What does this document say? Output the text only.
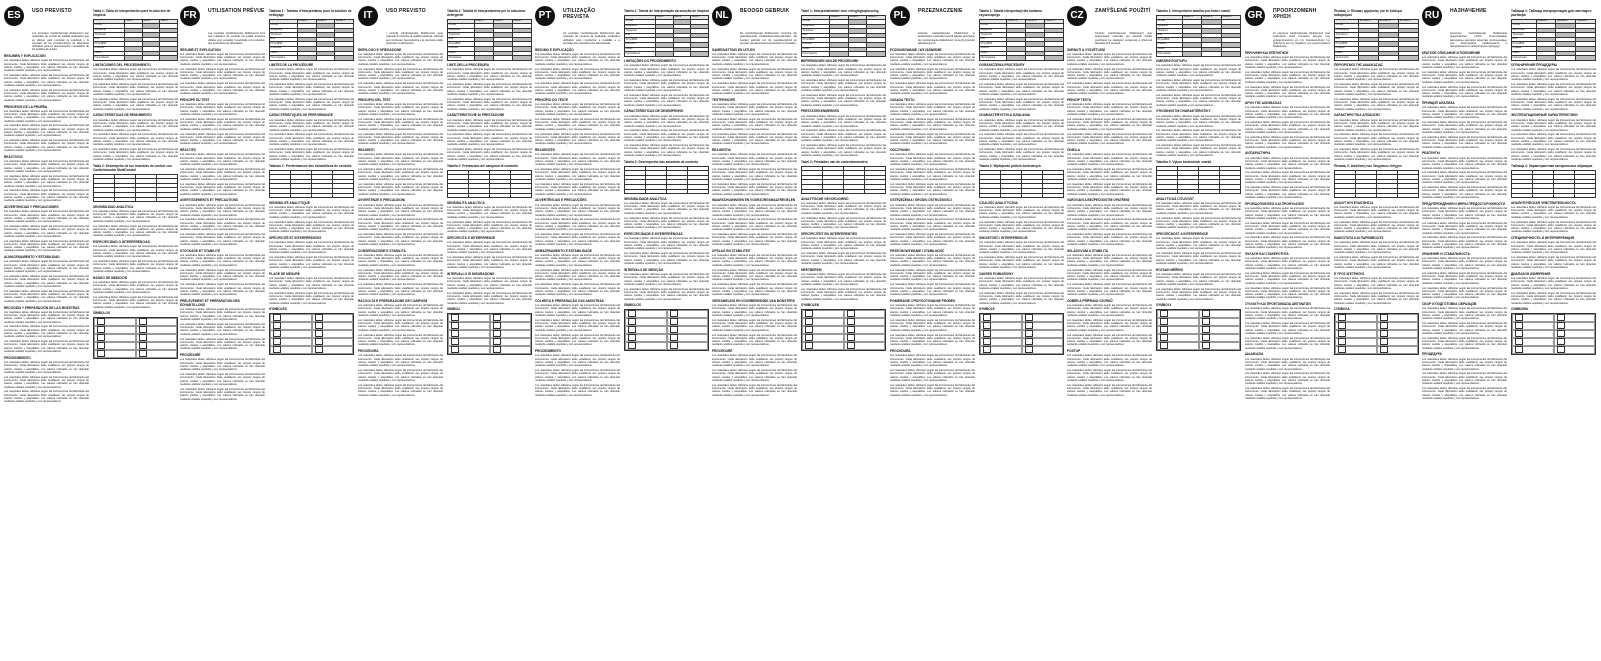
ES	USO PREVISTO

Los Controles CardioVascular MultiControl son materiales de control de calidad analizados que se utilizan para controlar la exactitud y la precisión de los procedimientos de laboratorio utilizados para la determinación cuantitativa de los analitos de la lista.

RESUMEN Y EXPLICACIÓN

Los materiales deben utilizarse según las instrucciones del fabricante del instrumento. Cada laboratorio debe establecer sus propios rangos de valores medios y aceptables. Los valores indicados se han obtenido mediante análisis repetidos y son representativos.

Los materiales deben utilizarse según las instrucciones del fabricante del instrumento. Cada laboratorio debe establecer sus propios rangos de valores medios y aceptables. Los valores indicados se han obtenido mediante análisis repetidos y son representativos.

Los materiales deben utilizarse según las instrucciones del fabricante del instrumento. Cada laboratorio debe establecer sus propios rangos de valores medios y aceptables. Los valores indicados se han obtenido mediante análisis repetidos y son representativos.

PRINCIPIOS DE LA PRUEBA

Los materiales deben utilizarse según las instrucciones del fabricante del instrumento. Cada laboratorio debe establecer sus propios rangos de valores medios y aceptables. Los valores indicados se han obtenido mediante análisis repetidos y son representativos.

Los materiales deben utilizarse según las instrucciones del fabricante del instrumento. Cada laboratorio debe establecer sus propios rangos de valores medios y aceptables. Los valores indicados se han obtenido mediante análisis repetidos y son representativos.

Los materiales deben utilizarse según las instrucciones del fabricante del instrumento. Cada laboratorio debe establecer sus propios rangos de valores medios y aceptables. Los valores indicados se han obtenido mediante análisis repetidos y son representativos.

REACTIVOS

Los materiales deben utilizarse según las instrucciones del fabricante del instrumento. Cada laboratorio debe establecer sus propios rangos de valores medios y aceptables. Los valores indicados se han obtenido mediante análisis repetidos y son representativos.

Los materiales deben utilizarse según las instrucciones del fabricante del instrumento. Cada laboratorio debe establecer sus propios rangos de valores medios y aceptables. Los valores indicados se han obtenido mediante análisis repetidos y son representativos.

Los materiales deben utilizarse según las instrucciones del fabricante del instrumento. Cada laboratorio debe establecer sus propios rangos de valores medios y aceptables. Los valores indicados se han obtenido mediante análisis repetidos y son representativos.

ADVERTENCIAS Y PRECAUCIONES

Los materiales deben utilizarse según las instrucciones del fabricante del instrumento. Cada laboratorio debe establecer sus propios rangos de valores medios y aceptables. Los valores indicados se han obtenido mediante análisis repetidos y son representativos.

Los materiales deben utilizarse según las instrucciones del fabricante del instrumento. Cada laboratorio debe establecer sus propios rangos de valores medios y aceptables. Los valores indicados se han obtenido mediante análisis repetidos y son representativos.

Los materiales deben utilizarse según las instrucciones del fabricante del instrumento. Cada laboratorio debe establecer sus propios rangos de valores medios y aceptables. Los valores indicados se han obtenido mediante análisis repetidos y son representativos.

ALMACENAMIENTO Y ESTABILIDAD

Los materiales deben utilizarse según las instrucciones del fabricante del instrumento. Cada laboratorio debe establecer sus propios rangos de valores medios y aceptables. Los valores indicados se han obtenido mediante análisis repetidos y son representativos.

Los materiales deben utilizarse según las instrucciones del fabricante del instrumento. Cada laboratorio debe establecer sus propios rangos de valores medios y aceptables. Los valores indicados se han obtenido mediante análisis repetidos y son representativos.

Los materiales deben utilizarse según las instrucciones del fabricante del instrumento. Cada laboratorio debe establecer sus propios rangos de valores medios y aceptables. Los valores indicados se han obtenido mediante análisis repetidos y son representativos.

RECOGIDA Y PREPARACIÓN DE LAS MUESTRAS

Los materiales deben utilizarse según las instrucciones del fabricante del instrumento. Cada laboratorio debe establecer sus propios rangos de valores medios y aceptables. Los valores indicados se han obtenido mediante análisis repetidos y son representativos.

Los materiales deben utilizarse según las instrucciones del fabricante del instrumento. Cada laboratorio debe establecer sus propios rangos de valores medios y aceptables. Los valores indicados se han obtenido mediante análisis repetidos y son representativos.

Los materiales deben utilizarse según las instrucciones del fabricante del instrumento. Cada laboratorio debe establecer sus propios rangos de valores medios y aceptables. Los valores indicados se han obtenido mediante análisis repetidos y son representativos.

PROCEDIMIENTO

Los materiales deben utilizarse según las instrucciones del fabricante del instrumento. Cada laboratorio debe establecer sus propios rangos de valores medios y aceptables. Los valores indicados se han obtenido mediante análisis repetidos y son representativos.

Los materiales deben utilizarse según las instrucciones del fabricante del instrumento. Cada laboratorio debe establecer sus propios rangos de valores medios y aceptables. Los valores indicados se han obtenido mediante análisis repetidos y son representativos.

Los materiales deben utilizarse según las instrucciones del fabricante del instrumento. Cada laboratorio debe establecer sus propios rangos de valores medios y aceptables. Los valores indicados se han obtenido mediante análisis repetidos y son representativos.

Tabla 1: Tabla de interpretación para la solución de limpieza
	Nivel 1	Nivel 2	Nivel 3
CK-MB			
Mioglobina			
Troponina I			
BNP			
NT-proBNP			
D-dímero			
hsCRP			
Homocisteína			
LIMITACIONES DEL PROCEDIMIENTO

Los materiales deben utilizarse según las instrucciones del fabricante del instrumento. Cada laboratorio debe establecer sus propios rangos de valores medios y aceptables. Los valores indicados se han obtenido mediante análisis repetidos y son representativos.

Los materiales deben utilizarse según las instrucciones del fabricante del instrumento. Cada laboratorio debe establecer sus propios rangos de valores medios y aceptables. Los valores indicados se han obtenido mediante análisis repetidos y son representativos.

Los materiales deben utilizarse según las instrucciones del fabricante del instrumento. Cada laboratorio debe establecer sus propios rangos de valores medios y aceptables. Los valores indicados se han obtenido mediante análisis repetidos y son representativos.

CARACTERÍSTICAS DE RENDIMIENTO

Los materiales deben utilizarse según las instrucciones del fabricante del instrumento. Cada laboratorio debe establecer sus propios rangos de valores medios y aceptables. Los valores indicados se han obtenido mediante análisis repetidos y son representativos.

Los materiales deben utilizarse según las instrucciones del fabricante del instrumento. Cada laboratorio debe establecer sus propios rangos de valores medios y aceptables. Los valores indicados se han obtenido mediante análisis repetidos y son representativos.

Los materiales deben utilizarse según las instrucciones del fabricante del instrumento. Cada laboratorio debe establecer sus propios rangos de valores medios y aceptables. Los valores indicados se han obtenido mediante análisis repetidos y son representativos.

Tabla 2: Desempeño de los muestras de control con CardioVascular MultiControl

SENSIBILIDAD ANALÍTICA

Los materiales deben utilizarse según las instrucciones del fabricante del instrumento. Cada laboratorio debe establecer sus propios rangos de valores medios y aceptables. Los valores indicados se han obtenido mediante análisis repetidos y son representativos.

Los materiales deben utilizarse según las instrucciones del fabricante del instrumento. Cada laboratorio debe establecer sus propios rangos de valores medios y aceptables. Los valores indicados se han obtenido mediante análisis repetidos y son representativos.

ESPECIFICIDAD O INTERFERENCIAS

Los materiales deben utilizarse según las instrucciones del fabricante del instrumento. Cada laboratorio debe establecer sus propios rangos de valores medios y aceptables. Los valores indicados se han obtenido mediante análisis repetidos y son representativos.

Los materiales deben utilizarse según las instrucciones del fabricante del instrumento. Cada laboratorio debe establecer sus propios rangos de valores medios y aceptables. Los valores indicados se han obtenido mediante análisis repetidos y son representativos.

RANGO DE MEDICIÓN

Los materiales deben utilizarse según las instrucciones del fabricante del instrumento. Cada laboratorio debe establecer sus propios rangos de valores medios y aceptables. Los valores indicados se han obtenido mediante análisis repetidos y son representativos.

Los materiales deben utilizarse según las instrucciones del fabricante del instrumento. Cada laboratorio debe establecer sus propios rangos de valores medios y aceptables. Los valores indicados se han obtenido mediante análisis repetidos y son representativos.

SÍMBOLOS
FR	UTILISATION PRÉVUE

Les contrôles CardioVascular MultiControl sont des matériaux de contrôle de qualité analysés utilisés pour surveiller l'exactitude et la précision des procédures de laboratoire.

RÉSUMÉ ET EXPLICATION

Los materiales deben utilizarse según las instrucciones del fabricante del instrumento. Cada laboratorio debe establecer sus propios rangos de valores medios y aceptables. Los valores indicados se han obtenido mediante análisis repetidos y son representativos.

Los materiales deben utilizarse según las instrucciones del fabricante del instrumento. Cada laboratorio debe establecer sus propios rangos de valores medios y aceptables. Los valores indicados se han obtenido mediante análisis repetidos y son representativos.

Los materiales deben utilizarse según las instrucciones del fabricante del instrumento. Cada laboratorio debe establecer sus propios rangos de valores medios y aceptables. Los valores indicados se han obtenido mediante análisis repetidos y son representativos.

PRINCIPE DU TEST

Los materiales deben utilizarse según las instrucciones del fabricante del instrumento. Cada laboratorio debe establecer sus propios rangos de valores medios y aceptables. Los valores indicados se han obtenido mediante análisis repetidos y son representativos.

Los materiales deben utilizarse según las instrucciones del fabricante del instrumento. Cada laboratorio debe establecer sus propios rangos de valores medios y aceptables. Los valores indicados se han obtenido mediante análisis repetidos y son representativos.

Los materiales deben utilizarse según las instrucciones del fabricante del instrumento. Cada laboratorio debe establecer sus propios rangos de valores medios y aceptables. Los valores indicados se han obtenido mediante análisis repetidos y son representativos.

RÉACTIFS

Los materiales deben utilizarse según las instrucciones del fabricante del instrumento. Cada laboratorio debe establecer sus propios rangos de valores medios y aceptables. Los valores indicados se han obtenido mediante análisis repetidos y son representativos.

Los materiales deben utilizarse según las instrucciones del fabricante del instrumento. Cada laboratorio debe establecer sus propios rangos de valores medios y aceptables. Los valores indicados se han obtenido mediante análisis repetidos y son representativos.

Los materiales deben utilizarse según las instrucciones del fabricante del instrumento. Cada laboratorio debe establecer sus propios rangos de valores medios y aceptables. Los valores indicados se han obtenido mediante análisis repetidos y son representativos.

AVERTISSEMENTS ET PRÉCAUTIONS

Los materiales deben utilizarse según las instrucciones del fabricante del instrumento. Cada laboratorio debe establecer sus propios rangos de valores medios y aceptables. Los valores indicados se han obtenido mediante análisis repetidos y son representativos.

Los materiales deben utilizarse según las instrucciones del fabricante del instrumento. Cada laboratorio debe establecer sus propios rangos de valores medios y aceptables. Los valores indicados se han obtenido mediante análisis repetidos y son representativos.

Los materiales deben utilizarse según las instrucciones del fabricante del instrumento. Cada laboratorio debe establecer sus propios rangos de valores medios y aceptables. Los valores indicados se han obtenido mediante análisis repetidos y son representativos.

STOCKAGE ET STABILITÉ

Los materiales deben utilizarse según las instrucciones del fabricante del instrumento. Cada laboratorio debe establecer sus propios rangos de valores medios y aceptables. Los valores indicados se han obtenido mediante análisis repetidos y son representativos.

Los materiales deben utilizarse según las instrucciones del fabricante del instrumento. Cada laboratorio debe establecer sus propios rangos de valores medios y aceptables. Los valores indicados se han obtenido mediante análisis repetidos y son representativos.

Los materiales deben utilizarse según las instrucciones del fabricante del instrumento. Cada laboratorio debe establecer sus propios rangos de valores medios y aceptables. Los valores indicados se han obtenido mediante análisis repetidos y son representativos.

PRÉLÈVEMENT ET PRÉPARATION DES ÉCHANTILLONS

Los materiales deben utilizarse según las instrucciones del fabricante del instrumento. Cada laboratorio debe establecer sus propios rangos de valores medios y aceptables. Los valores indicados se han obtenido mediante análisis repetidos y son representativos.

Los materiales deben utilizarse según las instrucciones del fabricante del instrumento. Cada laboratorio debe establecer sus propios rangos de valores medios y aceptables. Los valores indicados se han obtenido mediante análisis repetidos y son representativos.

Los materiales deben utilizarse según las instrucciones del fabricante del instrumento. Cada laboratorio debe establecer sus propios rangos de valores medios y aceptables. Los valores indicados se han obtenido mediante análisis repetidos y son representativos.

PROCÉDURE

Los materiales deben utilizarse según las instrucciones del fabricante del instrumento. Cada laboratorio debe establecer sus propios rangos de valores medios y aceptables. Los valores indicados se han obtenido mediante análisis repetidos y son representativos.

Los materiales deben utilizarse según las instrucciones del fabricante del instrumento. Cada laboratorio debe establecer sus propios rangos de valores medios y aceptables. Los valores indicados se han obtenido mediante análisis repetidos y son representativos.

Los materiales deben utilizarse según las instrucciones del fabricante del instrumento. Cada laboratorio debe establecer sus propios rangos de valores medios y aceptables. Los valores indicados se han obtenido mediante análisis repetidos y son representativos.

Tableau 1 : Tableau d'interprétation pour la solution de nettoyage
	Niveau 1	Niveau 2	Niveau 3
CK-MB			
Myoglobine			
Troponine I			
BNP			
NT-proBNP			
D-dimères			
hsCRP			
Homocystéine			
LIMITES DE LA PROCÉDURE

Los materiales deben utilizarse según las instrucciones del fabricante del instrumento. Cada laboratorio debe establecer sus propios rangos de valores medios y aceptables. Los valores indicados se han obtenido mediante análisis repetidos y son representativos.

Los materiales deben utilizarse según las instrucciones del fabricante del instrumento. Cada laboratorio debe establecer sus propios rangos de valores medios y aceptables. Los valores indicados se han obtenido mediante análisis repetidos y son representativos.

Los materiales deben utilizarse según las instrucciones del fabricante del instrumento. Cada laboratorio debe establecer sus propios rangos de valores medios y aceptables. Los valores indicados se han obtenido mediante análisis repetidos y son representativos.

CARACTÉRISTIQUES DE PERFORMANCE

Los materiales deben utilizarse según las instrucciones del fabricante del instrumento. Cada laboratorio debe establecer sus propios rangos de valores medios y aceptables. Los valores indicados se han obtenido mediante análisis repetidos y son representativos.

Los materiales deben utilizarse según las instrucciones del fabricante del instrumento. Cada laboratorio debe establecer sus propios rangos de valores medios y aceptables. Los valores indicados se han obtenido mediante análisis repetidos y son representativos.

Los materiales deben utilizarse según las instrucciones del fabricante del instrumento. Cada laboratorio debe establecer sus propios rangos de valores medios y aceptables. Los valores indicados se han obtenido mediante análisis repetidos y son representativos.

Tableau 2 : Performances des échantillons de contrôle

SENSIBILITÉ ANALYTIQUE

Los materiales deben utilizarse según las instrucciones del fabricante del instrumento. Cada laboratorio debe establecer sus propios rangos de valores medios y aceptables. Los valores indicados se han obtenido mediante análisis repetidos y son representativos.

Los materiales deben utilizarse según las instrucciones del fabricante del instrumento. Cada laboratorio debe establecer sus propios rangos de valores medios y aceptables. Los valores indicados se han obtenido mediante análisis repetidos y son representativos.

SPÉCIFICITÉ ET INTERFÉRENCES

Los materiales deben utilizarse según las instrucciones del fabricante del instrumento. Cada laboratorio debe establecer sus propios rangos de valores medios y aceptables. Los valores indicados se han obtenido mediante análisis repetidos y son representativos.

Los materiales deben utilizarse según las instrucciones del fabricante del instrumento. Cada laboratorio debe establecer sus propios rangos de valores medios y aceptables. Los valores indicados se han obtenido mediante análisis repetidos y son representativos.

PLAGE DE MESURE

Los materiales deben utilizarse según las instrucciones del fabricante del instrumento. Cada laboratorio debe establecer sus propios rangos de valores medios y aceptables. Los valores indicados se han obtenido mediante análisis repetidos y son representativos.

Los materiales deben utilizarse según las instrucciones del fabricante del instrumento. Cada laboratorio debe establecer sus propios rangos de valores medios y aceptables. Los valores indicados se han obtenido mediante análisis repetidos y son representativos.

SYMBOLES
IT	USO PREVISTO

I controlli CardioVascular MultiControl sono materiali di controllo di qualità analizzati, utilizzati per monitorare l'accuratezza e la precisione delle procedure di laboratorio.

RIEPILOGO E SPIEGAZIONE

Los materiales deben utilizarse según las instrucciones del fabricante del instrumento. Cada laboratorio debe establecer sus propios rangos de valores medios y aceptables. Los valores indicados se han obtenido mediante análisis repetidos y son representativos.

Los materiales deben utilizarse según las instrucciones del fabricante del instrumento. Cada laboratorio debe establecer sus propios rangos de valores medios y aceptables. Los valores indicados se han obtenido mediante análisis repetidos y son representativos.

Los materiales deben utilizarse según las instrucciones del fabricante del instrumento. Cada laboratorio debe establecer sus propios rangos de valores medios y aceptables. Los valores indicados se han obtenido mediante análisis repetidos y son representativos.

PRINCIPIO DEL TEST

Los materiales deben utilizarse según las instrucciones del fabricante del instrumento. Cada laboratorio debe establecer sus propios rangos de valores medios y aceptables. Los valores indicados se han obtenido mediante análisis repetidos y son representativos.

Los materiales deben utilizarse según las instrucciones del fabricante del instrumento. Cada laboratorio debe establecer sus propios rangos de valores medios y aceptables. Los valores indicados se han obtenido mediante análisis repetidos y son representativos.

Los materiales deben utilizarse según las instrucciones del fabricante del instrumento. Cada laboratorio debe establecer sus propios rangos de valores medios y aceptables. Los valores indicados se han obtenido mediante análisis repetidos y son representativos.

REAGENTI

Los materiales deben utilizarse según las instrucciones del fabricante del instrumento. Cada laboratorio debe establecer sus propios rangos de valores medios y aceptables. Los valores indicados se han obtenido mediante análisis repetidos y son representativos.

Los materiales deben utilizarse según las instrucciones del fabricante del instrumento. Cada laboratorio debe establecer sus propios rangos de valores medios y aceptables. Los valores indicados se han obtenido mediante análisis repetidos y son representativos.

Los materiales deben utilizarse según las instrucciones del fabricante del instrumento. Cada laboratorio debe establecer sus propios rangos de valores medios y aceptables. Los valores indicados se han obtenido mediante análisis repetidos y son representativos.

AVVERTENZE E PRECAUZIONI

Los materiales deben utilizarse según las instrucciones del fabricante del instrumento. Cada laboratorio debe establecer sus propios rangos de valores medios y aceptables. Los valores indicados se han obtenido mediante análisis repetidos y son representativos.

Los materiales deben utilizarse según las instrucciones del fabricante del instrumento. Cada laboratorio debe establecer sus propios rangos de valores medios y aceptables. Los valores indicados se han obtenido mediante análisis repetidos y son representativos.

Los materiales deben utilizarse según las instrucciones del fabricante del instrumento. Cada laboratorio debe establecer sus propios rangos de valores medios y aceptables. Los valores indicados se han obtenido mediante análisis repetidos y son representativos.

CONSERVAZIONE E STABILITÀ

Los materiales deben utilizarse según las instrucciones del fabricante del instrumento. Cada laboratorio debe establecer sus propios rangos de valores medios y aceptables. Los valores indicados se han obtenido mediante análisis repetidos y son representativos.

Los materiales deben utilizarse según las instrucciones del fabricante del instrumento. Cada laboratorio debe establecer sus propios rangos de valores medios y aceptables. Los valores indicados se han obtenido mediante análisis repetidos y son representativos.

Los materiales deben utilizarse según las instrucciones del fabricante del instrumento. Cada laboratorio debe establecer sus propios rangos de valores medios y aceptables. Los valores indicados se han obtenido mediante análisis repetidos y son representativos.

RACCOLTA E PREPARAZIONE DEI CAMPIONI

Los materiales deben utilizarse según las instrucciones del fabricante del instrumento. Cada laboratorio debe establecer sus propios rangos de valores medios y aceptables. Los valores indicados se han obtenido mediante análisis repetidos y son representativos.

Los materiales deben utilizarse según las instrucciones del fabricante del instrumento. Cada laboratorio debe establecer sus propios rangos de valores medios y aceptables. Los valores indicados se han obtenido mediante análisis repetidos y son representativos.

Los materiales deben utilizarse según las instrucciones del fabricante del instrumento. Cada laboratorio debe establecer sus propios rangos de valores medios y aceptables. Los valores indicados se han obtenido mediante análisis repetidos y son representativos.

PROCEDURA

Los materiales deben utilizarse según las instrucciones del fabricante del instrumento. Cada laboratorio debe establecer sus propios rangos de valores medios y aceptables. Los valores indicados se han obtenido mediante análisis repetidos y son representativos.

Los materiales deben utilizarse según las instrucciones del fabricante del instrumento. Cada laboratorio debe establecer sus propios rangos de valores medios y aceptables. Los valores indicados se han obtenido mediante análisis repetidos y son representativos.

Los materiales deben utilizarse según las instrucciones del fabricante del instrumento. Cada laboratorio debe establecer sus propios rangos de valores medios y aceptables. Los valores indicados se han obtenido mediante análisis repetidos y son representativos.

Tabella 1: Tabella di interpretazione per la soluzione detergente
	Livello 1	Livello 2	Livello 3
CK-MB			
Mioglobina			
Troponina I			
BNP			
NT-proBNP			
D-dimero			
hsCRP			
Omocisteina			
LIMITI DELLA PROCEDURA

Los materiales deben utilizarse según las instrucciones del fabricante del instrumento. Cada laboratorio debe establecer sus propios rangos de valores medios y aceptables. Los valores indicados se han obtenido mediante análisis repetidos y son representativos.

Los materiales deben utilizarse según las instrucciones del fabricante del instrumento. Cada laboratorio debe establecer sus propios rangos de valores medios y aceptables. Los valores indicados se han obtenido mediante análisis repetidos y son representativos.

Los materiales deben utilizarse según las instrucciones del fabricante del instrumento. Cada laboratorio debe establecer sus propios rangos de valores medios y aceptables. Los valores indicados se han obtenido mediante análisis repetidos y son representativos.

CARATTERISTICHE DI PRESTAZIONE

Los materiales deben utilizarse según las instrucciones del fabricante del instrumento. Cada laboratorio debe establecer sus propios rangos de valores medios y aceptables. Los valores indicados se han obtenido mediante análisis repetidos y son representativos.

Los materiales deben utilizarse según las instrucciones del fabricante del instrumento. Cada laboratorio debe establecer sus propios rangos de valores medios y aceptables. Los valores indicados se han obtenido mediante análisis repetidos y son representativos.

Los materiales deben utilizarse según las instrucciones del fabricante del instrumento. Cada laboratorio debe establecer sus propios rangos de valores medios y aceptables. Los valores indicados se han obtenido mediante análisis repetidos y son representativos.

Tabella 2: Prestazioni dei campioni di controllo

SENSIBILITÀ ANALITICA

Los materiales deben utilizarse según las instrucciones del fabricante del instrumento. Cada laboratorio debe establecer sus propios rangos de valores medios y aceptables. Los valores indicados se han obtenido mediante análisis repetidos y son representativos.

Los materiales deben utilizarse según las instrucciones del fabricante del instrumento. Cada laboratorio debe establecer sus propios rangos de valores medios y aceptables. Los valores indicados se han obtenido mediante análisis repetidos y son representativos.

SPECIFICITÀ E INTERFERENZE

Los materiales deben utilizarse según las instrucciones del fabricante del instrumento. Cada laboratorio debe establecer sus propios rangos de valores medios y aceptables. Los valores indicados se han obtenido mediante análisis repetidos y son representativos.

Los materiales deben utilizarse según las instrucciones del fabricante del instrumento. Cada laboratorio debe establecer sus propios rangos de valores medios y aceptables. Los valores indicados se han obtenido mediante análisis repetidos y son representativos.

INTERVALLO DI MISURAZIONE

Los materiales deben utilizarse según las instrucciones del fabricante del instrumento. Cada laboratorio debe establecer sus propios rangos de valores medios y aceptables. Los valores indicados se han obtenido mediante análisis repetidos y son representativos.

Los materiales deben utilizarse según las instrucciones del fabricante del instrumento. Cada laboratorio debe establecer sus propios rangos de valores medios y aceptables. Los valores indicados se han obtenido mediante análisis repetidos y son representativos.

SIMBOLI
PT	UTILIZAÇÃO PREVISTA

Os controlos CardioVascular MultiControl são materiais de controlo de qualidade analisados utilizados para monitorizar a exatidão e a precisão dos procedimentos laboratoriais.

RESUMO E EXPLICAÇÃO

Los materiales deben utilizarse según las instrucciones del fabricante del instrumento. Cada laboratorio debe establecer sus propios rangos de valores medios y aceptables. Los valores indicados se han obtenido mediante análisis repetidos y son representativos.

Los materiales deben utilizarse según las instrucciones del fabricante del instrumento. Cada laboratorio debe establecer sus propios rangos de valores medios y aceptables. Los valores indicados se han obtenido mediante análisis repetidos y son representativos.

Los materiales deben utilizarse según las instrucciones del fabricante del instrumento. Cada laboratorio debe establecer sus propios rangos de valores medios y aceptables. Los valores indicados se han obtenido mediante análisis repetidos y son representativos.

PRINCÍPIO DO TESTE

Los materiales deben utilizarse según las instrucciones del fabricante del instrumento. Cada laboratorio debe establecer sus propios rangos de valores medios y aceptables. Los valores indicados se han obtenido mediante análisis repetidos y son representativos.

Los materiales deben utilizarse según las instrucciones del fabricante del instrumento. Cada laboratorio debe establecer sus propios rangos de valores medios y aceptables. Los valores indicados se han obtenido mediante análisis repetidos y son representativos.

Los materiales deben utilizarse según las instrucciones del fabricante del instrumento. Cada laboratorio debe establecer sus propios rangos de valores medios y aceptables. Los valores indicados se han obtenido mediante análisis repetidos y son representativos.

REAGENTES

Los materiales deben utilizarse según las instrucciones del fabricante del instrumento. Cada laboratorio debe establecer sus propios rangos de valores medios y aceptables. Los valores indicados se han obtenido mediante análisis repetidos y son representativos.

Los materiales deben utilizarse según las instrucciones del fabricante del instrumento. Cada laboratorio debe establecer sus propios rangos de valores medios y aceptables. Los valores indicados se han obtenido mediante análisis repetidos y son representativos.

Los materiales deben utilizarse según las instrucciones del fabricante del instrumento. Cada laboratorio debe establecer sus propios rangos de valores medios y aceptables. Los valores indicados se han obtenido mediante análisis repetidos y son representativos.

ADVERTÊNCIAS E PRECAUÇÕES

Los materiales deben utilizarse según las instrucciones del fabricante del instrumento. Cada laboratorio debe establecer sus propios rangos de valores medios y aceptables. Los valores indicados se han obtenido mediante análisis repetidos y son representativos.

Los materiales deben utilizarse según las instrucciones del fabricante del instrumento. Cada laboratorio debe establecer sus propios rangos de valores medios y aceptables. Los valores indicados se han obtenido mediante análisis repetidos y son representativos.

Los materiales deben utilizarse según las instrucciones del fabricante del instrumento. Cada laboratorio debe establecer sus propios rangos de valores medios y aceptables. Los valores indicados se han obtenido mediante análisis repetidos y son representativos.

ARMAZENAMENTO E ESTABILIDADE

Los materiales deben utilizarse según las instrucciones del fabricante del instrumento. Cada laboratorio debe establecer sus propios rangos de valores medios y aceptables. Los valores indicados se han obtenido mediante análisis repetidos y son representativos.

Los materiales deben utilizarse según las instrucciones del fabricante del instrumento. Cada laboratorio debe establecer sus propios rangos de valores medios y aceptables. Los valores indicados se han obtenido mediante análisis repetidos y son representativos.

Los materiales deben utilizarse según las instrucciones del fabricante del instrumento. Cada laboratorio debe establecer sus propios rangos de valores medios y aceptables. Los valores indicados se han obtenido mediante análisis repetidos y son representativos.

COLHEITA E PREPARAÇÃO DAS AMOSTRAS

Los materiales deben utilizarse según las instrucciones del fabricante del instrumento. Cada laboratorio debe establecer sus propios rangos de valores medios y aceptables. Los valores indicados se han obtenido mediante análisis repetidos y son representativos.

Los materiales deben utilizarse según las instrucciones del fabricante del instrumento. Cada laboratorio debe establecer sus propios rangos de valores medios y aceptables. Los valores indicados se han obtenido mediante análisis repetidos y son representativos.

Los materiales deben utilizarse según las instrucciones del fabricante del instrumento. Cada laboratorio debe establecer sus propios rangos de valores medios y aceptables. Los valores indicados se han obtenido mediante análisis repetidos y son representativos.

PROCEDIMENTO

Los materiales deben utilizarse según las instrucciones del fabricante del instrumento. Cada laboratorio debe establecer sus propios rangos de valores medios y aceptables. Los valores indicados se han obtenido mediante análisis repetidos y son representativos.

Los materiales deben utilizarse según las instrucciones del fabricante del instrumento. Cada laboratorio debe establecer sus propios rangos de valores medios y aceptables. Los valores indicados se han obtenido mediante análisis repetidos y son representativos.

Los materiales deben utilizarse según las instrucciones del fabricante del instrumento. Cada laboratorio debe establecer sus propios rangos de valores medios y aceptables. Los valores indicados se han obtenido mediante análisis repetidos y son representativos.

Tabela 1: Tabela de interpretação da solução de limpeza
	Nível 1	Nível 2	Nível 3
CK-MB			
Mioglobina			
Troponina I			
BNP			
NT-proBNP			
Dímero D			
hsCRP			
Homocisteína			
LIMITAÇÕES DO PROCEDIMENTO

Los materiales deben utilizarse según las instrucciones del fabricante del instrumento. Cada laboratorio debe establecer sus propios rangos de valores medios y aceptables. Los valores indicados se han obtenido mediante análisis repetidos y son representativos.

Los materiales deben utilizarse según las instrucciones del fabricante del instrumento. Cada laboratorio debe establecer sus propios rangos de valores medios y aceptables. Los valores indicados se han obtenido mediante análisis repetidos y son representativos.

Los materiales deben utilizarse según las instrucciones del fabricante del instrumento. Cada laboratorio debe establecer sus propios rangos de valores medios y aceptables. Los valores indicados se han obtenido mediante análisis repetidos y son representativos.

CARACTERÍSTICAS DE DESEMPENHO

Los materiales deben utilizarse según las instrucciones del fabricante del instrumento. Cada laboratorio debe establecer sus propios rangos de valores medios y aceptables. Los valores indicados se han obtenido mediante análisis repetidos y son representativos.

Los materiales deben utilizarse según las instrucciones del fabricante del instrumento. Cada laboratorio debe establecer sus propios rangos de valores medios y aceptables. Los valores indicados se han obtenido mediante análisis repetidos y son representativos.

Los materiales deben utilizarse según las instrucciones del fabricante del instrumento. Cada laboratorio debe establecer sus propios rangos de valores medios y aceptables. Los valores indicados se han obtenido mediante análisis repetidos y son representativos.

Tabela 2: Desempenho das amostras de controlo

SENSIBILIDADE ANALÍTICA

Los materiales deben utilizarse según las instrucciones del fabricante del instrumento. Cada laboratorio debe establecer sus propios rangos de valores medios y aceptables. Los valores indicados se han obtenido mediante análisis repetidos y son representativos.

Los materiales deben utilizarse según las instrucciones del fabricante del instrumento. Cada laboratorio debe establecer sus propios rangos de valores medios y aceptables. Los valores indicados se han obtenido mediante análisis repetidos y son representativos.

ESPECIFICIDADE E INTERFERÊNCIAS

Los materiales deben utilizarse según las instrucciones del fabricante del instrumento. Cada laboratorio debe establecer sus propios rangos de valores medios y aceptables. Los valores indicados se han obtenido mediante análisis repetidos y son representativos.

Los materiales deben utilizarse según las instrucciones del fabricante del instrumento. Cada laboratorio debe establecer sus propios rangos de valores medios y aceptables. Los valores indicados se han obtenido mediante análisis repetidos y son representativos.

INTERVALO DE MEDIÇÃO

Los materiales deben utilizarse según las instrucciones del fabricante del instrumento. Cada laboratorio debe establecer sus propios rangos de valores medios y aceptables. Los valores indicados se han obtenido mediante análisis repetidos y son representativos.

Los materiales deben utilizarse según las instrucciones del fabricante del instrumento. Cada laboratorio debe establecer sus propios rangos de valores medios y aceptables. Los valores indicados se han obtenido mediante análisis repetidos y son representativos.

SÍMBOLOS
NL	BEOOGD GEBRUIK

De CardioVascular MultiControl controles zijn geanalyseerde kwaliteitscontrolematerialen die worden gebruikt om de nauwkeurigheid en precisie van laboratoriumprocedures te bewaken.

SAMENVATTING EN UITLEG

Los materiales deben utilizarse según las instrucciones del fabricante del instrumento. Cada laboratorio debe establecer sus propios rangos de valores medios y aceptables. Los valores indicados se han obtenido mediante análisis repetidos y son representativos.

Los materiales deben utilizarse según las instrucciones del fabricante del instrumento. Cada laboratorio debe establecer sus propios rangos de valores medios y aceptables. Los valores indicados se han obtenido mediante análisis repetidos y son representativos.

Los materiales deben utilizarse según las instrucciones del fabricante del instrumento. Cada laboratorio debe establecer sus propios rangos de valores medios y aceptables. Los valores indicados se han obtenido mediante análisis repetidos y son representativos.

TESTPRINCIPE

Los materiales deben utilizarse según las instrucciones del fabricante del instrumento. Cada laboratorio debe establecer sus propios rangos de valores medios y aceptables. Los valores indicados se han obtenido mediante análisis repetidos y son representativos.

Los materiales deben utilizarse según las instrucciones del fabricante del instrumento. Cada laboratorio debe establecer sus propios rangos de valores medios y aceptables. Los valores indicados se han obtenido mediante análisis repetidos y son representativos.

Los materiales deben utilizarse según las instrucciones del fabricante del instrumento. Cada laboratorio debe establecer sus propios rangos de valores medios y aceptables. Los valores indicados se han obtenido mediante análisis repetidos y son representativos.

REAGENTIA

Los materiales deben utilizarse según las instrucciones del fabricante del instrumento. Cada laboratorio debe establecer sus propios rangos de valores medios y aceptables. Los valores indicados se han obtenido mediante análisis repetidos y son representativos.

Los materiales deben utilizarse según las instrucciones del fabricante del instrumento. Cada laboratorio debe establecer sus propios rangos de valores medios y aceptables. Los valores indicados se han obtenido mediante análisis repetidos y son representativos.

Los materiales deben utilizarse según las instrucciones del fabricante del instrumento. Cada laboratorio debe establecer sus propios rangos de valores medios y aceptables. Los valores indicados se han obtenido mediante análisis repetidos y son representativos.

WAARSCHUWINGEN EN VOORZORGSMAATREGELEN

Los materiales deben utilizarse según las instrucciones del fabricante del instrumento. Cada laboratorio debe establecer sus propios rangos de valores medios y aceptables. Los valores indicados se han obtenido mediante análisis repetidos y son representativos.

Los materiales deben utilizarse según las instrucciones del fabricante del instrumento. Cada laboratorio debe establecer sus propios rangos de valores medios y aceptables. Los valores indicados se han obtenido mediante análisis repetidos y son representativos.

Los materiales deben utilizarse según las instrucciones del fabricante del instrumento. Cada laboratorio debe establecer sus propios rangos de valores medios y aceptables. Los valores indicados se han obtenido mediante análisis repetidos y son representativos.

OPSLAG EN STABILITEIT

Los materiales deben utilizarse según las instrucciones del fabricante del instrumento. Cada laboratorio debe establecer sus propios rangos de valores medios y aceptables. Los valores indicados se han obtenido mediante análisis repetidos y son representativos.

Los materiales deben utilizarse según las instrucciones del fabricante del instrumento. Cada laboratorio debe establecer sus propios rangos de valores medios y aceptables. Los valores indicados se han obtenido mediante análisis repetidos y son representativos.

Los materiales deben utilizarse según las instrucciones del fabricante del instrumento. Cada laboratorio debe establecer sus propios rangos de valores medios y aceptables. Los valores indicados se han obtenido mediante análisis repetidos y son representativos.

VERZAMELING EN VOORBEREIDING VAN MONSTERS

Los materiales deben utilizarse según las instrucciones del fabricante del instrumento. Cada laboratorio debe establecer sus propios rangos de valores medios y aceptables. Los valores indicados se han obtenido mediante análisis repetidos y son representativos.

Los materiales deben utilizarse según las instrucciones del fabricante del instrumento. Cada laboratorio debe establecer sus propios rangos de valores medios y aceptables. Los valores indicados se han obtenido mediante análisis repetidos y son representativos.

Los materiales deben utilizarse según las instrucciones del fabricante del instrumento. Cada laboratorio debe establecer sus propios rangos de valores medios y aceptables. Los valores indicados se han obtenido mediante análisis repetidos y son representativos.

PROCEDURE

Los materiales deben utilizarse según las instrucciones del fabricante del instrumento. Cada laboratorio debe establecer sus propios rangos de valores medios y aceptables. Los valores indicados se han obtenido mediante análisis repetidos y son representativos.

Los materiales deben utilizarse según las instrucciones del fabricante del instrumento. Cada laboratorio debe establecer sus propios rangos de valores medios y aceptables. Los valores indicados se han obtenido mediante análisis repetidos y son representativos.

Los materiales deben utilizarse según las instrucciones del fabricante del instrumento. Cada laboratorio debe establecer sus propios rangos de valores medios y aceptables. Los valores indicados se han obtenido mediante análisis repetidos y son representativos.

Tabel 1: Interpretatietabel voor reinigingsoplossing
	Niveau 1	Niveau 2	Niveau 3
CK-MB			
Myoglobine			
Troponine I			
BNP			
NT-proBNP			
D-dimeer			
hsCRP			
Homocysteïne			
BEPERKINGEN VAN DE PROCEDURE

Los materiales deben utilizarse según las instrucciones del fabricante del instrumento. Cada laboratorio debe establecer sus propios rangos de valores medios y aceptables. Los valores indicados se han obtenido mediante análisis repetidos y son representativos.

Los materiales deben utilizarse según las instrucciones del fabricante del instrumento. Cada laboratorio debe establecer sus propios rangos de valores medios y aceptables. Los valores indicados se han obtenido mediante análisis repetidos y son representativos.

Los materiales deben utilizarse según las instrucciones del fabricante del instrumento. Cada laboratorio debe establecer sus propios rangos de valores medios y aceptables. Los valores indicados se han obtenido mediante análisis repetidos y son representativos.

PRESTATIEKENMERKEN

Los materiales deben utilizarse según las instrucciones del fabricante del instrumento. Cada laboratorio debe establecer sus propios rangos de valores medios y aceptables. Los valores indicados se han obtenido mediante análisis repetidos y son representativos.

Los materiales deben utilizarse según las instrucciones del fabricante del instrumento. Cada laboratorio debe establecer sus propios rangos de valores medios y aceptables. Los valores indicados se han obtenido mediante análisis repetidos y son representativos.

Los materiales deben utilizarse según las instrucciones del fabricante del instrumento. Cada laboratorio debe establecer sus propios rangos de valores medios y aceptables. Los valores indicados se han obtenido mediante análisis repetidos y son representativos.

Tabel 2: Prestaties van de controlemonsters

ANALYTISCHE GEVOELIGHEID

Los materiales deben utilizarse según las instrucciones del fabricante del instrumento. Cada laboratorio debe establecer sus propios rangos de valores medios y aceptables. Los valores indicados se han obtenido mediante análisis repetidos y son representativos.

Los materiales deben utilizarse según las instrucciones del fabricante del instrumento. Cada laboratorio debe establecer sus propios rangos de valores medios y aceptables. Los valores indicados se han obtenido mediante análisis repetidos y son representativos.

SPECIFICITEIT EN INTERFERENTIES

Los materiales deben utilizarse según las instrucciones del fabricante del instrumento. Cada laboratorio debe establecer sus propios rangos de valores medios y aceptables. Los valores indicados se han obtenido mediante análisis repetidos y son representativos.

Los materiales deben utilizarse según las instrucciones del fabricante del instrumento. Cada laboratorio debe establecer sus propios rangos de valores medios y aceptables. Los valores indicados se han obtenido mediante análisis repetidos y son representativos.

MEETBEREIK

Los materiales deben utilizarse según las instrucciones del fabricante del instrumento. Cada laboratorio debe establecer sus propios rangos de valores medios y aceptables. Los valores indicados se han obtenido mediante análisis repetidos y son representativos.

Los materiales deben utilizarse según las instrucciones del fabricante del instrumento. Cada laboratorio debe establecer sus propios rangos de valores medios y aceptables. Los valores indicados se han obtenido mediante análisis repetidos y son representativos.

SYMBOLEN
PL	PRZEZNACZENIE

Kontrole CardioVascular MultiControl to analizowane materiały kontroli jakości stosowane do monitorowania dokładności i precyzji procedur laboratoryjnych.

PODSUMOWANIE I WYJAŚNIENIE

Los materiales deben utilizarse según las instrucciones del fabricante del instrumento. Cada laboratorio debe establecer sus propios rangos de valores medios y aceptables. Los valores indicados se han obtenido mediante análisis repetidos y son representativos.

Los materiales deben utilizarse según las instrucciones del fabricante del instrumento. Cada laboratorio debe establecer sus propios rangos de valores medios y aceptables. Los valores indicados se han obtenido mediante análisis repetidos y son representativos.

Los materiales deben utilizarse según las instrucciones del fabricante del instrumento. Cada laboratorio debe establecer sus propios rangos de valores medios y aceptables. Los valores indicados se han obtenido mediante análisis repetidos y son representativos.

ZASADA TESTU

Los materiales deben utilizarse según las instrucciones del fabricante del instrumento. Cada laboratorio debe establecer sus propios rangos de valores medios y aceptables. Los valores indicados se han obtenido mediante análisis repetidos y son representativos.

Los materiales deben utilizarse según las instrucciones del fabricante del instrumento. Cada laboratorio debe establecer sus propios rangos de valores medios y aceptables. Los valores indicados se han obtenido mediante análisis repetidos y son representativos.

Los materiales deben utilizarse según las instrucciones del fabricante del instrumento. Cada laboratorio debe establecer sus propios rangos de valores medios y aceptables. Los valores indicados se han obtenido mediante análisis repetidos y son representativos.

ODCZYNNIKI

Los materiales deben utilizarse según las instrucciones del fabricante del instrumento. Cada laboratorio debe establecer sus propios rangos de valores medios y aceptables. Los valores indicados se han obtenido mediante análisis repetidos y son representativos.

Los materiales deben utilizarse según las instrucciones del fabricante del instrumento. Cada laboratorio debe establecer sus propios rangos de valores medios y aceptables. Los valores indicados se han obtenido mediante análisis repetidos y son representativos.

Los materiales deben utilizarse según las instrucciones del fabricante del instrumento. Cada laboratorio debe establecer sus propios rangos de valores medios y aceptables. Los valores indicados se han obtenido mediante análisis repetidos y son representativos.

OSTRZEŻENIA I ŚRODKI OSTROŻNOŚCI

Los materiales deben utilizarse según las instrucciones del fabricante del instrumento. Cada laboratorio debe establecer sus propios rangos de valores medios y aceptables. Los valores indicados se han obtenido mediante análisis repetidos y son representativos.

Los materiales deben utilizarse según las instrucciones del fabricante del instrumento. Cada laboratorio debe establecer sus propios rangos de valores medios y aceptables. Los valores indicados se han obtenido mediante análisis repetidos y son representativos.

Los materiales deben utilizarse según las instrucciones del fabricante del instrumento. Cada laboratorio debe establecer sus propios rangos de valores medios y aceptables. Los valores indicados se han obtenido mediante análisis repetidos y son representativos.

PRZECHOWYWANIE I STABILNOŚĆ

Los materiales deben utilizarse según las instrucciones del fabricante del instrumento. Cada laboratorio debe establecer sus propios rangos de valores medios y aceptables. Los valores indicados se han obtenido mediante análisis repetidos y son representativos.

Los materiales deben utilizarse según las instrucciones del fabricante del instrumento. Cada laboratorio debe establecer sus propios rangos de valores medios y aceptables. Los valores indicados se han obtenido mediante análisis repetidos y son representativos.

Los materiales deben utilizarse según las instrucciones del fabricante del instrumento. Cada laboratorio debe establecer sus propios rangos de valores medios y aceptables. Los valores indicados se han obtenido mediante análisis repetidos y son representativos.

POBIERANIE I PRZYGOTOWANIE PRÓBEK

Los materiales deben utilizarse según las instrucciones del fabricante del instrumento. Cada laboratorio debe establecer sus propios rangos de valores medios y aceptables. Los valores indicados se han obtenido mediante análisis repetidos y son representativos.

Los materiales deben utilizarse según las instrucciones del fabricante del instrumento. Cada laboratorio debe establecer sus propios rangos de valores medios y aceptables. Los valores indicados se han obtenido mediante análisis repetidos y son representativos.

Los materiales deben utilizarse según las instrucciones del fabricante del instrumento. Cada laboratorio debe establecer sus propios rangos de valores medios y aceptables. Los valores indicados se han obtenido mediante análisis repetidos y son representativos.

PROCEDURA

Los materiales deben utilizarse según las instrucciones del fabricante del instrumento. Cada laboratorio debe establecer sus propios rangos de valores medios y aceptables. Los valores indicados se han obtenido mediante análisis repetidos y son representativos.

Los materiales deben utilizarse según las instrucciones del fabricante del instrumento. Cada laboratorio debe establecer sus propios rangos de valores medios y aceptables. Los valores indicados se han obtenido mediante análisis repetidos y son representativos.

Los materiales deben utilizarse según las instrucciones del fabricante del instrumento. Cada laboratorio debe establecer sus propios rangos de valores medios y aceptables. Los valores indicados se han obtenido mediante análisis repetidos y son representativos.

Tabela 1: Tabela interpretacji dla roztworu czyszczącego
	Poziom 1	Poziom 2	Poziom 3
CK-MB			
Mioglobina			
Troponina I			
BNP			
NT-proBNP			
D-dimer			
hsCRP			
Homocysteina			
OGRANICZENIA PROCEDURY

Los materiales deben utilizarse según las instrucciones del fabricante del instrumento. Cada laboratorio debe establecer sus propios rangos de valores medios y aceptables. Los valores indicados se han obtenido mediante análisis repetidos y son representativos.

Los materiales deben utilizarse según las instrucciones del fabricante del instrumento. Cada laboratorio debe establecer sus propios rangos de valores medios y aceptables. Los valores indicados se han obtenido mediante análisis repetidos y son representativos.

Los materiales deben utilizarse según las instrucciones del fabricante del instrumento. Cada laboratorio debe establecer sus propios rangos de valores medios y aceptables. Los valores indicados se han obtenido mediante análisis repetidos y son representativos.

CHARAKTERYSTYKA DZIAŁANIA

Los materiales deben utilizarse según las instrucciones del fabricante del instrumento. Cada laboratorio debe establecer sus propios rangos de valores medios y aceptables. Los valores indicados se han obtenido mediante análisis repetidos y son representativos.

Los materiales deben utilizarse según las instrucciones del fabricante del instrumento. Cada laboratorio debe establecer sus propios rangos de valores medios y aceptables. Los valores indicados se han obtenido mediante análisis repetidos y son representativos.

Los materiales deben utilizarse según las instrucciones del fabricante del instrumento. Cada laboratorio debe establecer sus propios rangos de valores medios y aceptables. Los valores indicados se han obtenido mediante análisis repetidos y son representativos.

Tabela 2: Wydajność próbek kontrolnych

CZUŁOŚĆ ANALITYCZNA

Los materiales deben utilizarse según las instrucciones del fabricante del instrumento. Cada laboratorio debe establecer sus propios rangos de valores medios y aceptables. Los valores indicados se han obtenido mediante análisis repetidos y son representativos.

Los materiales deben utilizarse según las instrucciones del fabricante del instrumento. Cada laboratorio debe establecer sus propios rangos de valores medios y aceptables. Los valores indicados se han obtenido mediante análisis repetidos y son representativos.

SWOISTOŚĆ I INTERFERENCJE

Los materiales deben utilizarse según las instrucciones del fabricante del instrumento. Cada laboratorio debe establecer sus propios rangos de valores medios y aceptables. Los valores indicados se han obtenido mediante análisis repetidos y son representativos.

Los materiales deben utilizarse según las instrucciones del fabricante del instrumento. Cada laboratorio debe establecer sus propios rangos de valores medios y aceptables. Los valores indicados se han obtenido mediante análisis repetidos y son representativos.

ZAKRES POMIAROWY

Los materiales deben utilizarse según las instrucciones del fabricante del instrumento. Cada laboratorio debe establecer sus propios rangos de valores medios y aceptables. Los valores indicados se han obtenido mediante análisis repetidos y son representativos.

Los materiales deben utilizarse según las instrucciones del fabricante del instrumento. Cada laboratorio debe establecer sus propios rangos de valores medios y aceptables. Los valores indicados se han obtenido mediante análisis repetidos y son representativos.

SYMBOLE
CZ	ZAMÝŠLENÉ POUŽITÍ

Kontroly CardioVascular MultiControl jsou analyzované materiály pro kontrolu kvality používané ke sledování správnosti a přesnosti laboratorních postupů.

SHRNUTÍ A VYSVĚTLENÍ

Los materiales deben utilizarse según las instrucciones del fabricante del instrumento. Cada laboratorio debe establecer sus propios rangos de valores medios y aceptables. Los valores indicados se han obtenido mediante análisis repetidos y son representativos.

Los materiales deben utilizarse según las instrucciones del fabricante del instrumento. Cada laboratorio debe establecer sus propios rangos de valores medios y aceptables. Los valores indicados se han obtenido mediante análisis repetidos y son representativos.

Los materiales deben utilizarse según las instrucciones del fabricante del instrumento. Cada laboratorio debe establecer sus propios rangos de valores medios y aceptables. Los valores indicados se han obtenido mediante análisis repetidos y son representativos.

PRINCIP TESTU

Los materiales deben utilizarse según las instrucciones del fabricante del instrumento. Cada laboratorio debe establecer sus propios rangos de valores medios y aceptables. Los valores indicados se han obtenido mediante análisis repetidos y son representativos.

Los materiales deben utilizarse según las instrucciones del fabricante del instrumento. Cada laboratorio debe establecer sus propios rangos de valores medios y aceptables. Los valores indicados se han obtenido mediante análisis repetidos y son representativos.

Los materiales deben utilizarse según las instrucciones del fabricante del instrumento. Cada laboratorio debe establecer sus propios rangos de valores medios y aceptables. Los valores indicados se han obtenido mediante análisis repetidos y son representativos.

ČINIDLA

Los materiales deben utilizarse según las instrucciones del fabricante del instrumento. Cada laboratorio debe establecer sus propios rangos de valores medios y aceptables. Los valores indicados se han obtenido mediante análisis repetidos y son representativos.

Los materiales deben utilizarse según las instrucciones del fabricante del instrumento. Cada laboratorio debe establecer sus propios rangos de valores medios y aceptables. Los valores indicados se han obtenido mediante análisis repetidos y son representativos.

Los materiales deben utilizarse según las instrucciones del fabricante del instrumento. Cada laboratorio debe establecer sus propios rangos de valores medios y aceptables. Los valores indicados se han obtenido mediante análisis repetidos y son representativos.

VAROVÁNÍ A BEZPEČNOSTNÍ OPATŘENÍ

Los materiales deben utilizarse según las instrucciones del fabricante del instrumento. Cada laboratorio debe establecer sus propios rangos de valores medios y aceptables. Los valores indicados se han obtenido mediante análisis repetidos y son representativos.

Los materiales deben utilizarse según las instrucciones del fabricante del instrumento. Cada laboratorio debe establecer sus propios rangos de valores medios y aceptables. Los valores indicados se han obtenido mediante análisis repetidos y son representativos.

Los materiales deben utilizarse según las instrucciones del fabricante del instrumento. Cada laboratorio debe establecer sus propios rangos de valores medios y aceptables. Los valores indicados se han obtenido mediante análisis repetidos y son representativos.

SKLADOVÁNÍ A STABILITA

Los materiales deben utilizarse según las instrucciones del fabricante del instrumento. Cada laboratorio debe establecer sus propios rangos de valores medios y aceptables. Los valores indicados se han obtenido mediante análisis repetidos y son representativos.

Los materiales deben utilizarse según las instrucciones del fabricante del instrumento. Cada laboratorio debe establecer sus propios rangos de valores medios y aceptables. Los valores indicados se han obtenido mediante análisis repetidos y son representativos.

Los materiales deben utilizarse según las instrucciones del fabricante del instrumento. Cada laboratorio debe establecer sus propios rangos de valores medios y aceptables. Los valores indicados se han obtenido mediante análisis repetidos y son representativos.

ODBĚR A PŘÍPRAVA VZORKŮ

Los materiales deben utilizarse según las instrucciones del fabricante del instrumento. Cada laboratorio debe establecer sus propios rangos de valores medios y aceptables. Los valores indicados se han obtenido mediante análisis repetidos y son representativos.

Los materiales deben utilizarse según las instrucciones del fabricante del instrumento. Cada laboratorio debe establecer sus propios rangos de valores medios y aceptables. Los valores indicados se han obtenido mediante análisis repetidos y son representativos.

Los materiales deben utilizarse según las instrucciones del fabricante del instrumento. Cada laboratorio debe establecer sus propios rangos de valores medios y aceptables. Los valores indicados se han obtenido mediante análisis repetidos y son representativos.

POSTUP

Los materiales deben utilizarse según las instrucciones del fabricante del instrumento. Cada laboratorio debe establecer sus propios rangos de valores medios y aceptables. Los valores indicados se han obtenido mediante análisis repetidos y son representativos.

Los materiales deben utilizarse según las instrucciones del fabricante del instrumento. Cada laboratorio debe establecer sus propios rangos de valores medios y aceptables. Los valores indicados se han obtenido mediante análisis repetidos y son representativos.

Los materiales deben utilizarse según las instrucciones del fabricante del instrumento. Cada laboratorio debe establecer sus propios rangos de valores medios y aceptables. Los valores indicados se han obtenido mediante análisis repetidos y son representativos.

Tabulka 1: Interpretační tabulka pro čisticí roztok
	Úroveň 1	Úroveň 2	Úroveň 3
CK-MB			
Myoglobin			
Troponin I			
BNP			
NT-proBNP			
D-dimer			
hsCRP			
Homocystein			
OMEZENÍ POSTUPU

Los materiales deben utilizarse según las instrucciones del fabricante del instrumento. Cada laboratorio debe establecer sus propios rangos de valores medios y aceptables. Los valores indicados se han obtenido mediante análisis repetidos y son representativos.

Los materiales deben utilizarse según las instrucciones del fabricante del instrumento. Cada laboratorio debe establecer sus propios rangos de valores medios y aceptables. Los valores indicados se han obtenido mediante análisis repetidos y son representativos.

Los materiales deben utilizarse según las instrucciones del fabricante del instrumento. Cada laboratorio debe establecer sus propios rangos de valores medios y aceptables. Los valores indicados se han obtenido mediante análisis repetidos y son representativos.

VÝKONNOSTNÍ CHARAKTERISTIKY

Los materiales deben utilizarse según las instrucciones del fabricante del instrumento. Cada laboratorio debe establecer sus propios rangos de valores medios y aceptables. Los valores indicados se han obtenido mediante análisis repetidos y son representativos.

Los materiales deben utilizarse según las instrucciones del fabricante del instrumento. Cada laboratorio debe establecer sus propios rangos de valores medios y aceptables. Los valores indicados se han obtenido mediante análisis repetidos y son representativos.

Los materiales deben utilizarse según las instrucciones del fabricante del instrumento. Cada laboratorio debe establecer sus propios rangos de valores medios y aceptables. Los valores indicados se han obtenido mediante análisis repetidos y son representativos.

Tabulka 2: Výkon kontrolních vzorků

ANALYTICKÁ CITLIVOST

Los materiales deben utilizarse según las instrucciones del fabricante del instrumento. Cada laboratorio debe establecer sus propios rangos de valores medios y aceptables. Los valores indicados se han obtenido mediante análisis repetidos y son representativos.

Los materiales deben utilizarse según las instrucciones del fabricante del instrumento. Cada laboratorio debe establecer sus propios rangos de valores medios y aceptables. Los valores indicados se han obtenido mediante análisis repetidos y son representativos.

SPECIFIČNOST A INTERFERENCE

Los materiales deben utilizarse según las instrucciones del fabricante del instrumento. Cada laboratorio debe establecer sus propios rangos de valores medios y aceptables. Los valores indicados se han obtenido mediante análisis repetidos y son representativos.

Los materiales deben utilizarse según las instrucciones del fabricante del instrumento. Cada laboratorio debe establecer sus propios rangos de valores medios y aceptables. Los valores indicados se han obtenido mediante análisis repetidos y son representativos.

ROZSAH MĚŘENÍ

Los materiales deben utilizarse según las instrucciones del fabricante del instrumento. Cada laboratorio debe establecer sus propios rangos de valores medios y aceptables. Los valores indicados se han obtenido mediante análisis repetidos y son representativos.

Los materiales deben utilizarse según las instrucciones del fabricante del instrumento. Cada laboratorio debe establecer sus propios rangos de valores medios y aceptables. Los valores indicados se han obtenido mediante análisis repetidos y son representativos.

SYMBOLY
GR	ΠΡΟΟΡΙΖΟΜΕΝΗ ΧΡΗΣΗ

Οι μάρτυρες CardioVascular MultiControl είναι αναλυμένα υλικά ποιοτικού ελέγχου που χρησιμοποιούνται για την παρακολούθηση της ορθότητας και της ακρίβειας των εργαστηριακών διαδικασιών.

ΠΕΡΙΛΗΨΗ ΚΑΙ ΕΠΕΞΗΓΗΣΗ

Los materiales deben utilizarse según las instrucciones del fabricante del instrumento. Cada laboratorio debe establecer sus propios rangos de valores medios y aceptables. Los valores indicados se han obtenido mediante análisis repetidos y son representativos.

Los materiales deben utilizarse según las instrucciones del fabricante del instrumento. Cada laboratorio debe establecer sus propios rangos de valores medios y aceptables. Los valores indicados se han obtenido mediante análisis repetidos y son representativos.

Los materiales deben utilizarse según las instrucciones del fabricante del instrumento. Cada laboratorio debe establecer sus propios rangos de valores medios y aceptables. Los valores indicados se han obtenido mediante análisis repetidos y son representativos.

ΑΡΧΗ ΤΗΣ ΔΟΚΙΜΑΣΙΑΣ

Los materiales deben utilizarse según las instrucciones del fabricante del instrumento. Cada laboratorio debe establecer sus propios rangos de valores medios y aceptables. Los valores indicados se han obtenido mediante análisis repetidos y son representativos.

Los materiales deben utilizarse según las instrucciones del fabricante del instrumento. Cada laboratorio debe establecer sus propios rangos de valores medios y aceptables. Los valores indicados se han obtenido mediante análisis repetidos y son representativos.

Los materiales deben utilizarse según las instrucciones del fabricante del instrumento. Cada laboratorio debe establecer sus propios rangos de valores medios y aceptables. Los valores indicados se han obtenido mediante análisis repetidos y son representativos.

ΑΝΤΙΔΡΑΣΤΗΡΙΑ

Los materiales deben utilizarse según las instrucciones del fabricante del instrumento. Cada laboratorio debe establecer sus propios rangos de valores medios y aceptables. Los valores indicados se han obtenido mediante análisis repetidos y son representativos.

Los materiales deben utilizarse según las instrucciones del fabricante del instrumento. Cada laboratorio debe establecer sus propios rangos de valores medios y aceptables. Los valores indicados se han obtenido mediante análisis repetidos y son representativos.

Los materiales deben utilizarse según las instrucciones del fabricante del instrumento. Cada laboratorio debe establecer sus propios rangos de valores medios y aceptables. Los valores indicados se han obtenido mediante análisis repetidos y son representativos.

ΠΡΟΕΙΔΟΠΟΙΗΣΕΙΣ ΚΑΙ ΠΡΟΦΥΛΑΞΕΙΣ

Los materiales deben utilizarse según las instrucciones del fabricante del instrumento. Cada laboratorio debe establecer sus propios rangos de valores medios y aceptables. Los valores indicados se han obtenido mediante análisis repetidos y son representativos.

Los materiales deben utilizarse según las instrucciones del fabricante del instrumento. Cada laboratorio debe establecer sus propios rangos de valores medios y aceptables. Los valores indicados se han obtenido mediante análisis repetidos y son representativos.

Los materiales deben utilizarse según las instrucciones del fabricante del instrumento. Cada laboratorio debe establecer sus propios rangos de valores medios y aceptables. Los valores indicados se han obtenido mediante análisis repetidos y son representativos.

ΦΥΛΑΞΗ ΚΑΙ ΣΤΑΘΕΡΟΤΗΤΑ

Los materiales deben utilizarse según las instrucciones del fabricante del instrumento. Cada laboratorio debe establecer sus propios rangos de valores medios y aceptables. Los valores indicados se han obtenido mediante análisis repetidos y son representativos.

Los materiales deben utilizarse según las instrucciones del fabricante del instrumento. Cada laboratorio debe establecer sus propios rangos de valores medios y aceptables. Los valores indicados se han obtenido mediante análisis repetidos y son representativos.

Los materiales deben utilizarse según las instrucciones del fabricante del instrumento. Cada laboratorio debe establecer sus propios rangos de valores medios y aceptables. Los valores indicados se han obtenido mediante análisis repetidos y son representativos.

ΣΥΛΛΟΓΗ ΚΑΙ ΠΡΟΕΤΟΙΜΑΣΙΑ ΔΕΙΓΜΑΤΩΝ

Los materiales deben utilizarse según las instrucciones del fabricante del instrumento. Cada laboratorio debe establecer sus propios rangos de valores medios y aceptables. Los valores indicados se han obtenido mediante análisis repetidos y son representativos.

Los materiales deben utilizarse según las instrucciones del fabricante del instrumento. Cada laboratorio debe establecer sus propios rangos de valores medios y aceptables. Los valores indicados se han obtenido mediante análisis repetidos y son representativos.

Los materiales deben utilizarse según las instrucciones del fabricante del instrumento. Cada laboratorio debe establecer sus propios rangos de valores medios y aceptables. Los valores indicados se han obtenido mediante análisis repetidos y son representativos.

ΔΙΑΔΙΚΑΣΙΑ

Los materiales deben utilizarse según las instrucciones del fabricante del instrumento. Cada laboratorio debe establecer sus propios rangos de valores medios y aceptables. Los valores indicados se han obtenido mediante análisis repetidos y son representativos.

Los materiales deben utilizarse según las instrucciones del fabricante del instrumento. Cada laboratorio debe establecer sus propios rangos de valores medios y aceptables. Los valores indicados se han obtenido mediante análisis repetidos y son representativos.

Los materiales deben utilizarse según las instrucciones del fabricante del instrumento. Cada laboratorio debe establecer sus propios rangos de valores medios y aceptables. Los valores indicados se han obtenido mediante análisis repetidos y son representativos.

Πίνακας 1: Πίνακας ερμηνείας για το διάλυμα καθαρισμού
	Επίπεδο 1	Επίπεδο 2	Επίπεδο 3
CK-MB			
Μυοσφαιρίνη			
Τροπονίνη I			
BNP			
NT-proBNP			
D-διμερή			
hsCRP			
Ομοκυστεΐνη			
ΠΕΡΙΟΡΙΣΜΟΙ ΤΗΣ ΔΙΑΔΙΚΑΣΙΑΣ

Los materiales deben utilizarse según las instrucciones del fabricante del instrumento. Cada laboratorio debe establecer sus propios rangos de valores medios y aceptables. Los valores indicados se han obtenido mediante análisis repetidos y son representativos.

Los materiales deben utilizarse según las instrucciones del fabricante del instrumento. Cada laboratorio debe establecer sus propios rangos de valores medios y aceptables. Los valores indicados se han obtenido mediante análisis repetidos y son representativos.

Los materiales deben utilizarse según las instrucciones del fabricante del instrumento. Cada laboratorio debe establecer sus propios rangos de valores medios y aceptables. Los valores indicados se han obtenido mediante análisis repetidos y son representativos.

ΧΑΡΑΚΤΗΡΙΣΤΙΚΑ ΑΠΟΔΟΣΗΣ

Los materiales deben utilizarse según las instrucciones del fabricante del instrumento. Cada laboratorio debe establecer sus propios rangos de valores medios y aceptables. Los valores indicados se han obtenido mediante análisis repetidos y son representativos.

Los materiales deben utilizarse según las instrucciones del fabricante del instrumento. Cada laboratorio debe establecer sus propios rangos de valores medios y aceptables. Los valores indicados se han obtenido mediante análisis repetidos y son representativos.

Los materiales deben utilizarse según las instrucciones del fabricante del instrumento. Cada laboratorio debe establecer sus propios rangos de valores medios y aceptables. Los valores indicados se han obtenido mediante análisis repetidos y son representativos.

Πίνακας 2: Απόδοση των δειγμάτων ελέγχου

ΑΝΑΛΥΤΙΚΉ ΕΥΑΙΣΘΗΣΊΑ

Los materiales deben utilizarse según las instrucciones del fabricante del instrumento. Cada laboratorio debe establecer sus propios rangos de valores medios y aceptables. Los valores indicados se han obtenido mediante análisis repetidos y son representativos.

Los materiales deben utilizarse según las instrucciones del fabricante del instrumento. Cada laboratorio debe establecer sus propios rangos de valores medios y aceptables. Los valores indicados se han obtenido mediante análisis repetidos y son representativos.

ΕΙΔΙΚΌΤΗΤΑ ΚΑΙ ΠΑΡΕΜΒΟΛΈΣ

Los materiales deben utilizarse según las instrucciones del fabricante del instrumento. Cada laboratorio debe establecer sus propios rangos de valores medios y aceptables. Los valores indicados se han obtenido mediante análisis repetidos y son representativos.

Los materiales deben utilizarse según las instrucciones del fabricante del instrumento. Cada laboratorio debe establecer sus propios rangos de valores medios y aceptables. Los valores indicados se han obtenido mediante análisis repetidos y son representativos.

ΕΎΡΟΣ ΜΈΤΡΗΣΗΣ

Los materiales deben utilizarse según las instrucciones del fabricante del instrumento. Cada laboratorio debe establecer sus propios rangos de valores medios y aceptables. Los valores indicados se han obtenido mediante análisis repetidos y son representativos.

Los materiales deben utilizarse según las instrucciones del fabricante del instrumento. Cada laboratorio debe establecer sus propios rangos de valores medios y aceptables. Los valores indicados se han obtenido mediante análisis repetidos y son representativos.

ΣΥΜΒΟΛΑ
RU	НАЗНАЧЕНИЕ

Контроли CardioVascular MultiControl представляют собой аттестованные материалы контроля качества, используемые для мониторинга правильности и прецизионности лабораторных процедур.

КРАТКОЕ ОПИСАНИЕ И ПОЯСНЕНИЕ

Los materiales deben utilizarse según las instrucciones del fabricante del instrumento. Cada laboratorio debe establecer sus propios rangos de valores medios y aceptables. Los valores indicados se han obtenido mediante análisis repetidos y son representativos.

Los materiales deben utilizarse según las instrucciones del fabricante del instrumento. Cada laboratorio debe establecer sus propios rangos de valores medios y aceptables. Los valores indicados se han obtenido mediante análisis repetidos y son representativos.

Los materiales deben utilizarse según las instrucciones del fabricante del instrumento. Cada laboratorio debe establecer sus propios rangos de valores medios y aceptables. Los valores indicados se han obtenido mediante análisis repetidos y son representativos.

ПРИНЦИП АНАЛИЗА

Los materiales deben utilizarse según las instrucciones del fabricante del instrumento. Cada laboratorio debe establecer sus propios rangos de valores medios y aceptables. Los valores indicados se han obtenido mediante análisis repetidos y son representativos.

Los materiales deben utilizarse según las instrucciones del fabricante del instrumento. Cada laboratorio debe establecer sus propios rangos de valores medios y aceptables. Los valores indicados se han obtenido mediante análisis repetidos y son representativos.

Los materiales deben utilizarse según las instrucciones del fabricante del instrumento. Cada laboratorio debe establecer sus propios rangos de valores medios y aceptables. Los valores indicados se han obtenido mediante análisis repetidos y son representativos.

РЕАГЕНТЫ

Los materiales deben utilizarse según las instrucciones del fabricante del instrumento. Cada laboratorio debe establecer sus propios rangos de valores medios y aceptables. Los valores indicados se han obtenido mediante análisis repetidos y son representativos.

Los materiales deben utilizarse según las instrucciones del fabricante del instrumento. Cada laboratorio debe establecer sus propios rangos de valores medios y aceptables. Los valores indicados se han obtenido mediante análisis repetidos y son representativos.

Los materiales deben utilizarse según las instrucciones del fabricante del instrumento. Cada laboratorio debe establecer sus propios rangos de valores medios y aceptables. Los valores indicados se han obtenido mediante análisis repetidos y son representativos.

ПРЕДУПРЕЖДЕНИЯ И МЕРЫ ПРЕДОСТОРОЖНОСТИ

Los materiales deben utilizarse según las instrucciones del fabricante del instrumento. Cada laboratorio debe establecer sus propios rangos de valores medios y aceptables. Los valores indicados se han obtenido mediante análisis repetidos y son representativos.

Los materiales deben utilizarse según las instrucciones del fabricante del instrumento. Cada laboratorio debe establecer sus propios rangos de valores medios y aceptables. Los valores indicados se han obtenido mediante análisis repetidos y son representativos.

Los materiales deben utilizarse según las instrucciones del fabricante del instrumento. Cada laboratorio debe establecer sus propios rangos de valores medios y aceptables. Los valores indicados se han obtenido mediante análisis repetidos y son representativos.

ХРАНЕНИЕ И СТАБИЛЬНОСТЬ

Los materiales deben utilizarse según las instrucciones del fabricante del instrumento. Cada laboratorio debe establecer sus propios rangos de valores medios y aceptables. Los valores indicados se han obtenido mediante análisis repetidos y son representativos.

Los materiales deben utilizarse según las instrucciones del fabricante del instrumento. Cada laboratorio debe establecer sus propios rangos de valores medios y aceptables. Los valores indicados se han obtenido mediante análisis repetidos y son representativos.

Los materiales deben utilizarse según las instrucciones del fabricante del instrumento. Cada laboratorio debe establecer sus propios rangos de valores medios y aceptables. Los valores indicados se han obtenido mediante análisis repetidos y son representativos.

СБОР И ПОДГОТОВКА ОБРАЗЦОВ

Los materiales deben utilizarse según las instrucciones del fabricante del instrumento. Cada laboratorio debe establecer sus propios rangos de valores medios y aceptables. Los valores indicados se han obtenido mediante análisis repetidos y son representativos.

Los materiales deben utilizarse según las instrucciones del fabricante del instrumento. Cada laboratorio debe establecer sus propios rangos de valores medios y aceptables. Los valores indicados se han obtenido mediante análisis repetidos y son representativos.

Los materiales deben utilizarse según las instrucciones del fabricante del instrumento. Cada laboratorio debe establecer sus propios rangos de valores medios y aceptables. Los valores indicados se han obtenido mediante análisis repetidos y son representativos.

ПРОЦЕДУРА

Los materiales deben utilizarse según las instrucciones del fabricante del instrumento. Cada laboratorio debe establecer sus propios rangos de valores medios y aceptables. Los valores indicados se han obtenido mediante análisis repetidos y son representativos.

Los materiales deben utilizarse según las instrucciones del fabricante del instrumento. Cada laboratorio debe establecer sus propios rangos de valores medios y aceptables. Los valores indicados se han obtenido mediante análisis repetidos y son representativos.

Los materiales deben utilizarse según las instrucciones del fabricante del instrumento. Cada laboratorio debe establecer sus propios rangos de valores medios y aceptables. Los valores indicados se han obtenido mediante análisis repetidos y son representativos.

Таблица 1: Таблица интерпретации для чистящего раствора
	Уровень 1	Уровень 2	Уровень 3
CK-MB			
Миоглобин			
Тропонин I			
BNP			
NT-proBNP			
D-димер			
hsCRP			
Гомоцистеин			
ОГРАНИЧЕНИЯ ПРОЦЕДУРЫ

Los materiales deben utilizarse según las instrucciones del fabricante del instrumento. Cada laboratorio debe establecer sus propios rangos de valores medios y aceptables. Los valores indicados se han obtenido mediante análisis repetidos y son representativos.

Los materiales deben utilizarse según las instrucciones del fabricante del instrumento. Cada laboratorio debe establecer sus propios rangos de valores medios y aceptables. Los valores indicados se han obtenido mediante análisis repetidos y son representativos.

Los materiales deben utilizarse según las instrucciones del fabricante del instrumento. Cada laboratorio debe establecer sus propios rangos de valores medios y aceptables. Los valores indicados se han obtenido mediante análisis repetidos y son representativos.

ЭКСПЛУАТАЦИОННЫЕ ХАРАКТЕРИСТИКИ

Los materiales deben utilizarse según las instrucciones del fabricante del instrumento. Cada laboratorio debe establecer sus propios rangos de valores medios y aceptables. Los valores indicados se han obtenido mediante análisis repetidos y son representativos.

Los materiales deben utilizarse según las instrucciones del fabricante del instrumento. Cada laboratorio debe establecer sus propios rangos de valores medios y aceptables. Los valores indicados se han obtenido mediante análisis repetidos y son representativos.

Los materiales deben utilizarse según las instrucciones del fabricante del instrumento. Cada laboratorio debe establecer sus propios rangos de valores medios y aceptables. Los valores indicados se han obtenido mediante análisis repetidos y son representativos.

Таблица 2: Характеристики контрольных образцов

АНАЛИТИЧЕСКАЯ ЧУВСТВИТЕЛЬНОСТЬ

Los materiales deben utilizarse según las instrucciones del fabricante del instrumento. Cada laboratorio debe establecer sus propios rangos de valores medios y aceptables. Los valores indicados se han obtenido mediante análisis repetidos y son representativos.

Los materiales deben utilizarse según las instrucciones del fabricante del instrumento. Cada laboratorio debe establecer sus propios rangos de valores medios y aceptables. Los valores indicados se han obtenido mediante análisis repetidos y son representativos.

СПЕЦИФИЧНОСТЬ И ИНТЕРФЕРЕНЦИЯ

Los materiales deben utilizarse según las instrucciones del fabricante del instrumento. Cada laboratorio debe establecer sus propios rangos de valores medios y aceptables. Los valores indicados se han obtenido mediante análisis repetidos y son representativos.

Los materiales deben utilizarse según las instrucciones del fabricante del instrumento. Cada laboratorio debe establecer sus propios rangos de valores medios y aceptables. Los valores indicados se han obtenido mediante análisis repetidos y son representativos.

ДИАПАЗОН ИЗМЕРЕНИЯ

Los materiales deben utilizarse según las instrucciones del fabricante del instrumento. Cada laboratorio debe establecer sus propios rangos de valores medios y aceptables. Los valores indicados se han obtenido mediante análisis repetidos y son representativos.

Los materiales deben utilizarse según las instrucciones del fabricante del instrumento. Cada laboratorio debe establecer sus propios rangos de valores medios y aceptables. Los valores indicados se han obtenido mediante análisis repetidos y son representativos.

СИМВОЛЫ
